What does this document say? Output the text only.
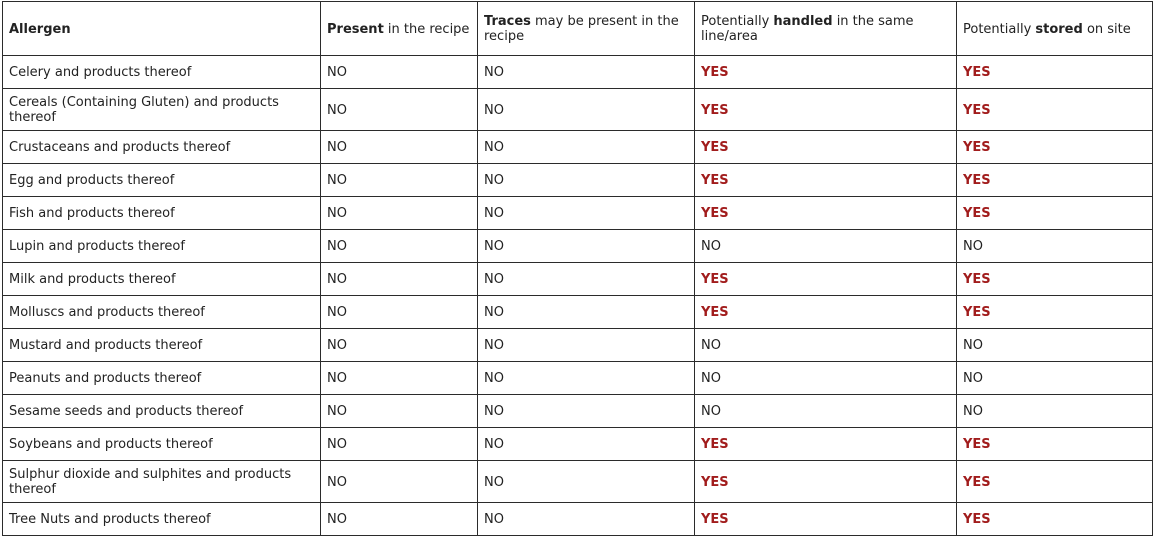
Allergen	Present in the recipe	Traces may be present in the recipe	Potentially handled in the same line/area	Potentially stored on site
Celery and products thereof	NO	NO	YES	YES
Cereals (Containing Gluten) and products thereof	NO	NO	YES	YES
Crustaceans and products thereof	NO	NO	YES	YES
Egg and products thereof	NO	NO	YES	YES
Fish and products thereof	NO	NO	YES	YES
Lupin and products thereof	NO	NO	NO	NO
Milk and products thereof	NO	NO	YES	YES
Molluscs and products thereof	NO	NO	YES	YES
Mustard and products thereof	NO	NO	NO	NO
Peanuts and products thereof	NO	NO	NO	NO
Sesame seeds and products thereof	NO	NO	NO	NO
Soybeans and products thereof	NO	NO	YES	YES
Sulphur dioxide and sulphites and products thereof	NO	NO	YES	YES
Tree Nuts and products thereof	NO	NO	YES	YES
